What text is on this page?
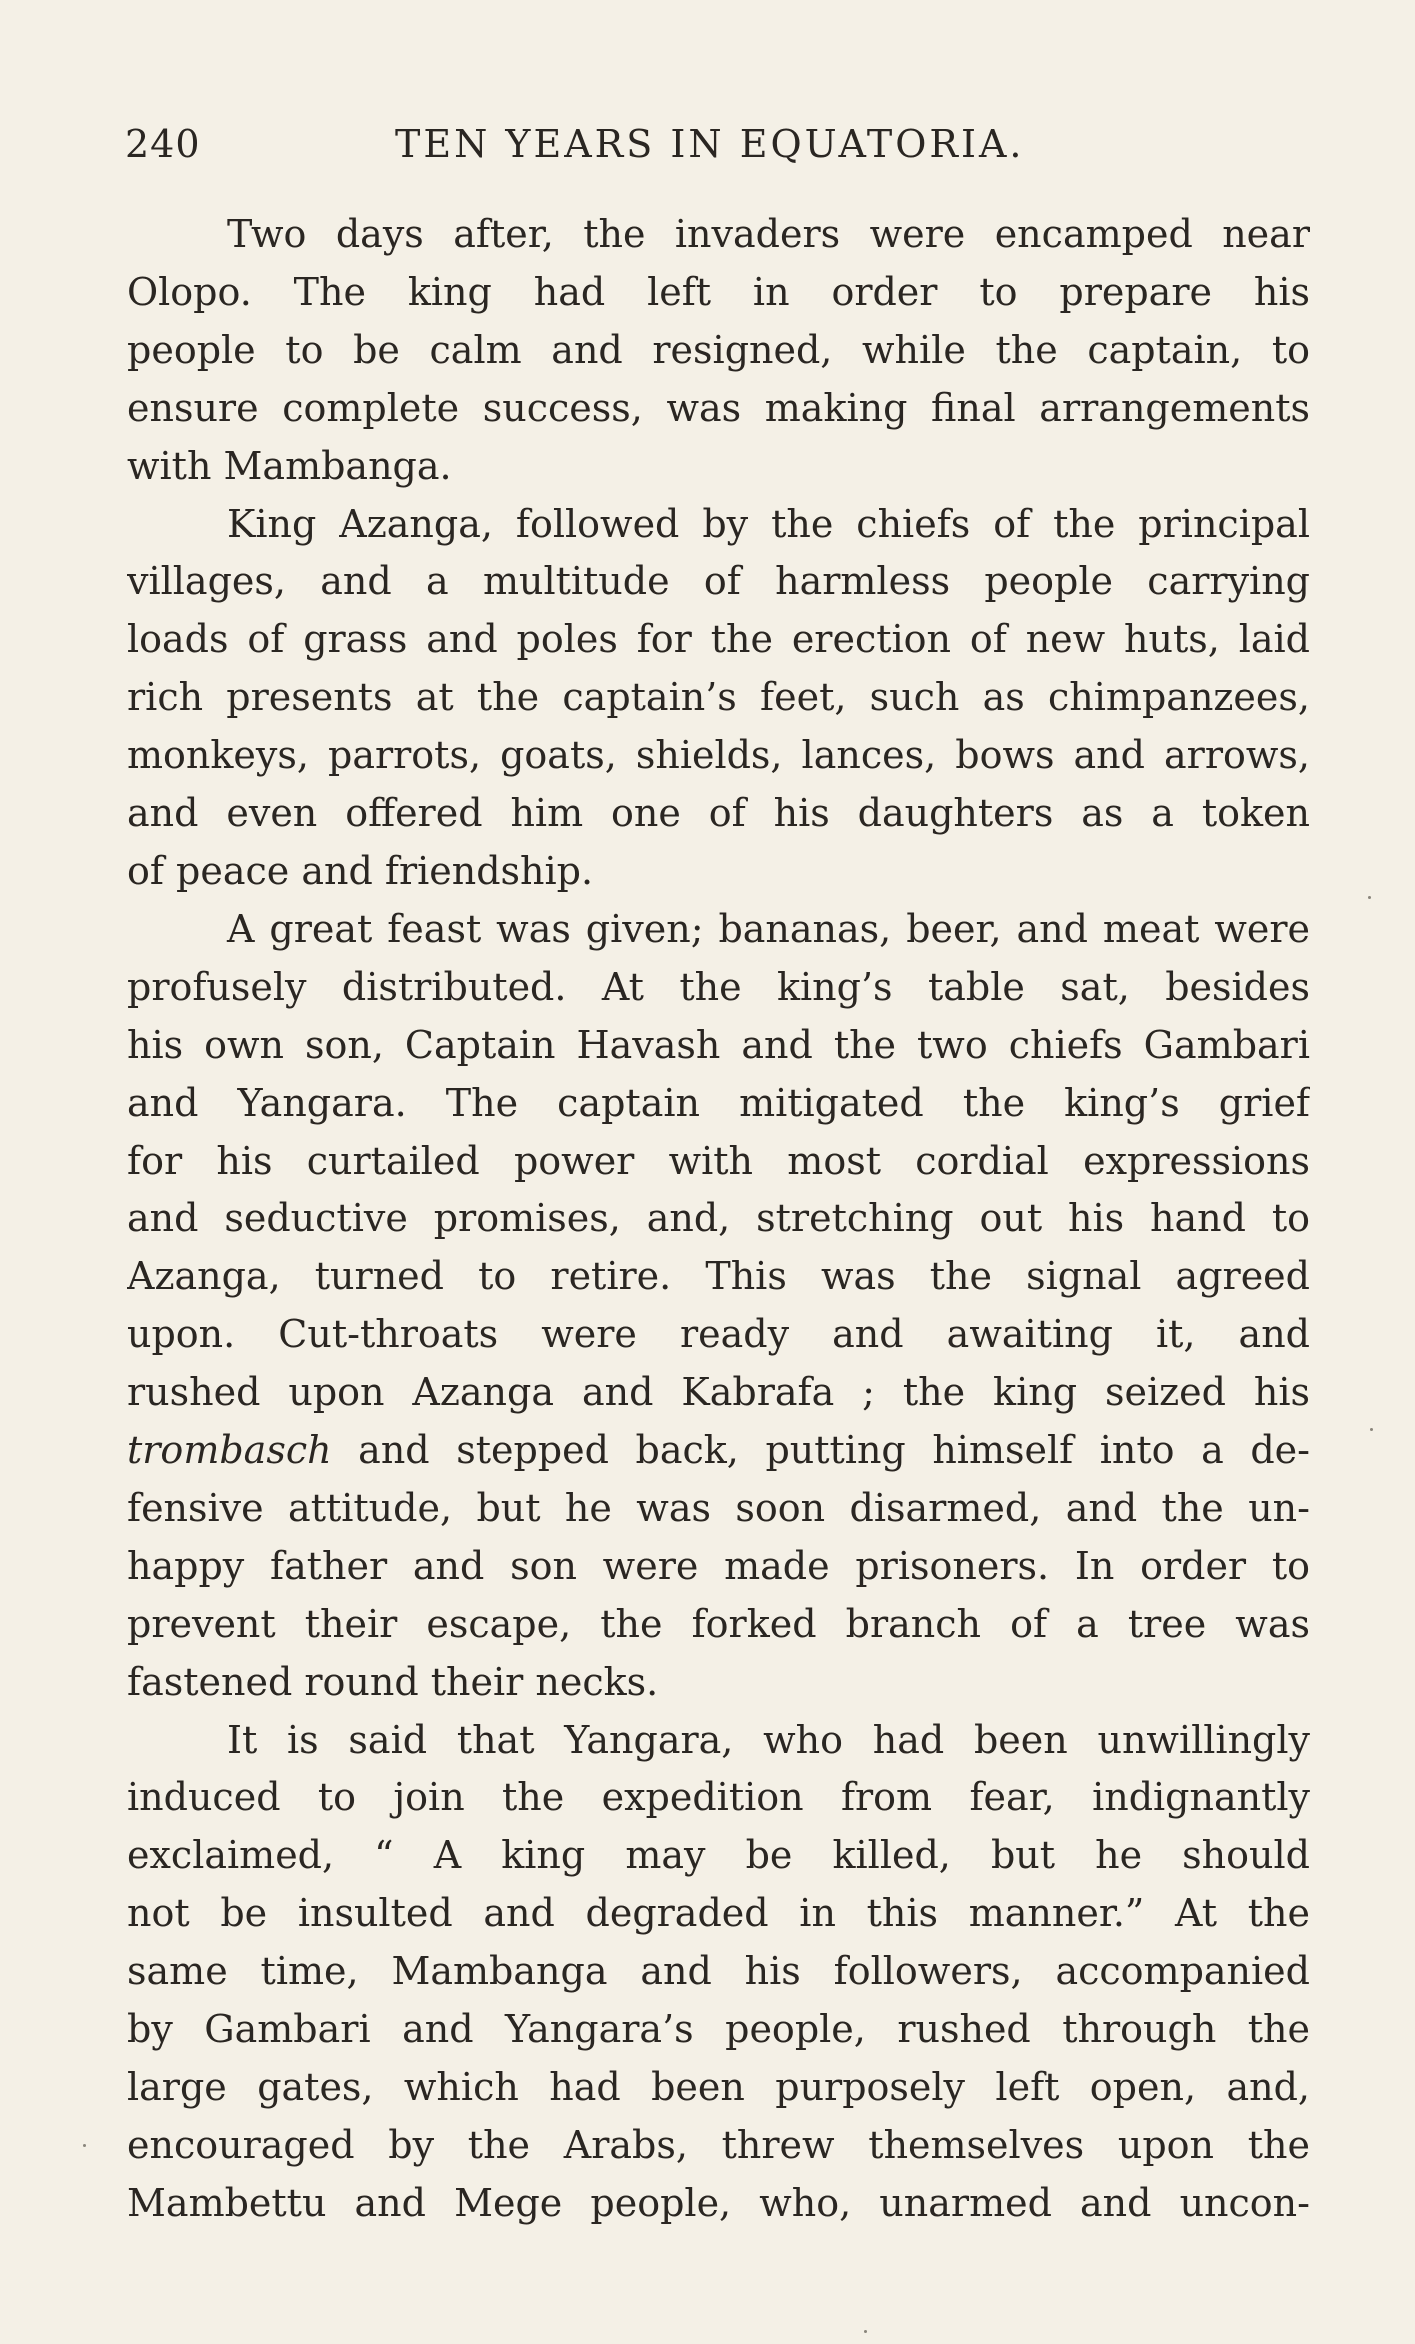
240	TEN YEARS IN EQUATORIA.
Two days after, the invaders were encamped near
Olopo. The king had left in order to prepare his
people to be calm and resigned, while the captain, to
ensure complete success, was making final arrangements
with Mambanga.
King Azanga, followed by the chiefs of the principal
villages, and a multitude of harmless people carrying
loads of grass and poles for the erection of new huts, laid
rich presents at the captain’s feet, such as chimpanzees,
monkeys, parrots, goats, shields, lances, bows and arrows,
and even offered him one of his daughters as a token
of peace and friendship.
A great feast was given; bananas, beer, and meat were
profusely distributed. At the king’s table sat, besides
his own son, Captain Havash and the two chiefs Gambari
and Yangara. The captain mitigated the king’s grief
for his curtailed power with most cordial expressions
and seductive promises, and, stretching out his hand to
Azanga, turned to retire. This was the signal agreed
upon. Cut-throats were ready and awaiting it, and
rushed upon Azanga and Kabrafa ; the king seized his
trombasch and stepped back, putting himself into a de-
fensive attitude, but he was soon disarmed, and the un-
happy father and son were made prisoners. In order to
prevent their escape, the forked branch of a tree was
fastened round their necks.
It is said that Yangara, who had been unwillingly
induced to join the expedition from fear, indignantly
exclaimed, “ A king may be killed, but he should
not be insulted and degraded in this manner.” At the
same time, Mambanga and his followers, accompanied
by Gambari and Yangara’s people, rushed through the
large gates, which had been purposely left open, and,
encouraged by the Arabs, threw themselves upon the
Mambettu and Mege people, who, unarmed and uncon-
